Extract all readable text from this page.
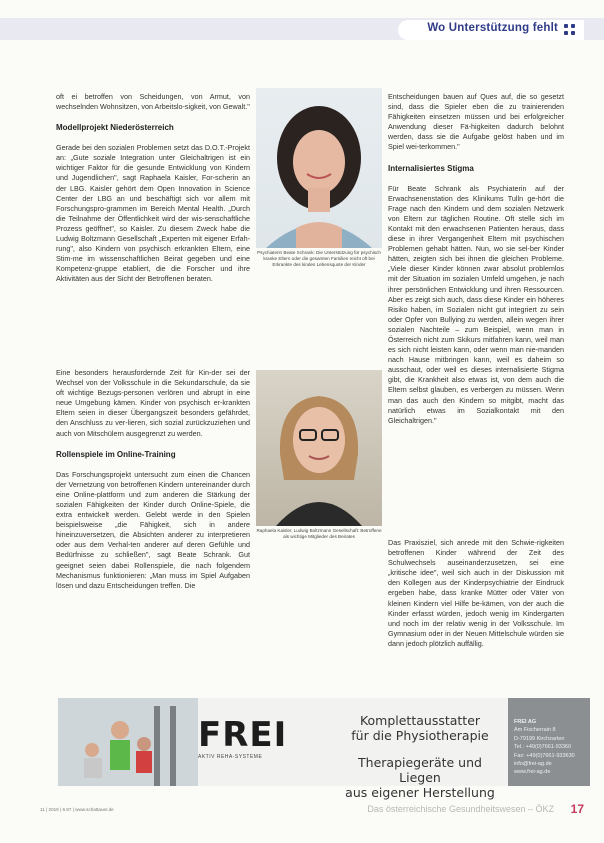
Wo Unterstützung fehlt

oft ei betroffen von Scheidungen, von Armut, von wechselnden Wohnsitzen, von Arbeitslo-sigkeit, von Gewalt."

Modellprojekt Niederösterreich

Gerade bei den sozialen Problemen setzt das D.O.T.-Projekt an: „Gute soziale Integration unter Gleichaltrigen ist ein wichtiger Faktor für die gesunde Entwicklung von Kindern und Jugendlichen", sagt Raphaela Kaisler, For-scherin an der LBG. Kaisler gehört dem Open Innovation in Science Center der LBG an und beschäftigt sich vor allem mit Forschungspro-grammen im Bereich Mental Health. „Durch die Teilnahme der Öffentlichkeit wird der wis-senschaftliche Prozess geöffnet", so Kaisler. Zu diesem Zweck habe die Ludwig Boltzmann Gesellschaft „Experten mit eigener Erfah-rung", also Kindern von psychisch erkrankten Eltern, eine Stim-me im wissenschaftlichen Beirat gegeben und eine Kompetenz-gruppe etabliert, die die Forscher und ihre Aktivitäten aus der Sicht der Betroffenen beraten.

Eine besonders herausfordernde Zeit für Kin-der sei der Wechsel von der Volksschule in die Sekundarschule, da sie oft wichtige Bezugs-personen verlören und abrupt in eine neue Umgebung kämen. Kinder von psychisch er-krankten Eltern seien in dieser Übergangszeit besonders gefährdet, den Anschluss zu ver-lieren, sich sozial zurückzuziehen und auch von Mitschülern ausgegrenzt zu werden.

Rollenspiele im Online-Training

Das Forschungsprojekt untersucht zum einen die Chancen der Vernetzung von betroffenen Kindern untereinander durch eine Online-plattform und zum anderen die Stärkung der sozialen Fähigkeiten der Kinder durch Online-Spiele, die extra entwickelt werden. Gelebt werde in den Spielen beispielsweise „die Fähigkeit, sich in andere hineinzuversetzen, die Absichten anderer zu interpretieren oder aus dem Verhal-ten anderer auf deren Gefühle und Bedürfnisse zu schließen", sagt Beate Schrank. Gut geeignet seien dabei Rollenspiele, die nach folgendem Mechanismus funktionieren: „Man muss im Spiel Aufgaben lösen und dazu Entscheidungen treffen. Die

Psychiaterin Beate Schrank: Die Unterstützung für psychisch kranke Eltern oder die gesamten Familien reicht oft bei Erkrankte des kindes Lebensquote der Kinder
Raphaela Kaisler, Ludwig Boltzmann Gesellschaft: Betroffene als wichtige Mitglieder des Beirates

Entscheidungen bauen auf Ques auf, die so gesetzt sind, dass die Spieler eben die zu trainierenden Fähigkeiten einsetzen müssen und bei erfolgreicher Anwendung dieser Fä-higkeiten dadurch belohnt werden, dass sie die Aufgabe gelöst haben und im Spiel wei-terkommen."

Internalisiertes Stigma

Für Beate Schrank als Psychiaterin auf der Erwachsenenstation des Klinikums Tulln ge-hört die Frage nach den Kindern und dem sozialen Netzwerk von Eltern zur täglichen Routine. Oft stelle sich im Kontakt mit den erwachsenen Patienten heraus, dass diese in ihrer Vergangenheit Eltern mit psychischen Problemen gehabt hätten. Nun, wo sie sel-ber Kinder hätten, zeigten sich bei ihnen die gleichen Probleme. „Viele dieser Kinder können zwar absolut problemlos mit der Situation im sozialen Umfeld umgehen, je nach ihrer persönlichen Entwicklung und ihren Ressourcen. Aber es zeigt sich auch, dass diese Kinder ein höheres Risiko haben, im Sozialen nicht gut integriert zu sein oder Opfer von Bullying zu werden, allein wegen ihrer sozialen Nachteile – zum Beispiel, wenn man in Österreich nicht zum Skikurs mitfahren kann, weil man es sich nicht leisten kann, oder wenn man nie-manden nach Hause mitbringen kann, weil es daheim so ausschaut, oder weil es dieses internalisierte Stigma gibt, die Krankheit also etwas ist, von dem auch die Eltern selbst glauben, es verbergen zu müssen. Wenn man das auch den Kindern so mitgibt, macht das natürlich etwas im Sozialkontakt mit den Gleichaltrigen."

Das Praxisziel, sich anrede mit den Schwie-rigkeiten betroffenen Kinder während der Zeit des Schulwechsels auseinanderzusetzen, sei eine „kritische idee", weil sich auch in der Diskussion mit den Kollegen aus der Kinderpsychiatrie der Eindruck ergeben habe, dass kranke Mütter oder Väter von kleinen Kindern viel Hilfe be-kämen, von der auch die Kinder erfasst würden, jedoch wenig im Kindergarten und noch im der relativ wenig in der Volksschule. Im Gymnasium oder in der Neuen Mittelschule würden sie dann jedoch plötzlich auffällig.

FREI
AKTIV REHA-SYSTEME
Komplettausstatter
für die Physiotherapie
Therapiegeräte und Liegen
aus eigener Herstellung
FREI AG
Am Fischerrain 8
D-79199 Kirchzarten
Tel.: +49(0)7661-93360
Fax: +49(0)7661-933630
info@frei-ag.de
www.frei-ag.de
11 | 2019 | 6.97 | www.schattauer.de	Das österreichische Gesundheitswesen – ÖKZ 17
